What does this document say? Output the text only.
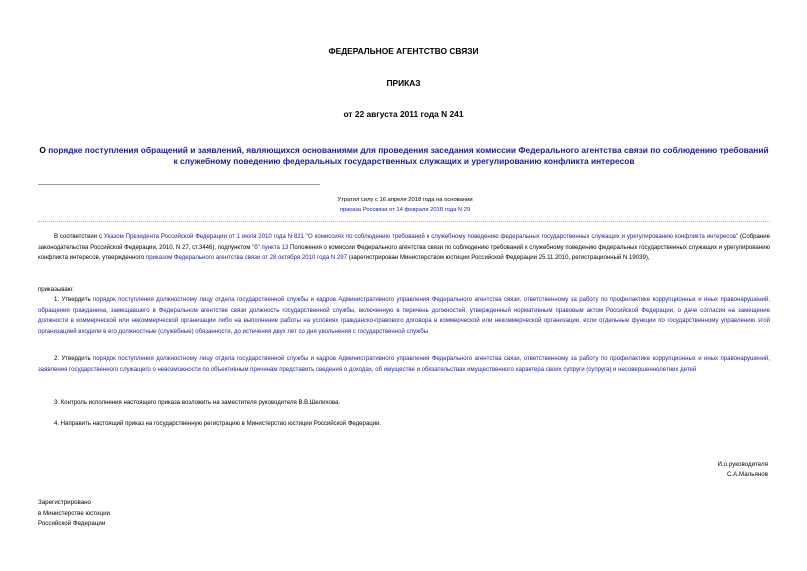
ФЕДЕРАЛЬНОЕ АГЕНТСТВО СВЯЗИ
ПРИКАЗ
от 22 августа 2011 года N 241
О порядке поступления обращений и заявлений, являющихся основаниями для проведения заседания комиссии Федерального агентства связи по соблюдению требований к служебному поведению федеральных государственных служащих и урегулированию конфликта интересов
Утратил силу с 16 апреля 2018 года на основании
приказа Россвязи от 14 февраля 2018 года N 29
В соответствии с Указом Президента Российской Федерации от 1 июля 2010 года N 821 "О комиссиях по соблюдению требований к служебному поведению федеральных государственных служащих и урегулированию конфликта интересов" (Собрание законодательства Российской Федерации, 2010, N 27, ст.3446), подпунктом "б" пункта 13 Положения о комиссии Федерального агентства связи по соблюдению требований к служебному поведению федеральных государственных служащих и урегулированию конфликта интересов, утвержденного приказом Федерального агентства связи от 28 октября 2010 года N 297 (зарегистрирован Министерством юстиции Российской Федерации 25.11.2010, регистрационный N 19039),
приказываю:
1. Утвердить порядок поступления должностному лицу отдела государственной службы и кадров Административного управления Федерального агентства связи, ответственному за работу по профилактике коррупционных и иных правонарушений, обращения гражданина, замещавшего в Федеральном агентстве связи должность государственной службы, включенную в перечень должностей, утвержденный нормативным правовым актом Российской Федерации, о даче согласия на замещение должности в коммерческой или некоммерческой организации либо на выполнение работы на условиях гражданско-правового договора в коммерческой или некоммерческой организации, если отдельные функции по государственному управлению этой организацией входили в его должностные (служебные) обязанности, до истечения двух лет со дня увольнения с государственной службы
2. Утвердить порядок поступления должностному лицу отдела государственной службы и кадров Административного управления Федерального агентства связи, ответственному за работу по профилактике коррупционных и иных правонарушений, заявления государственного служащего о невозможности по объективным причинам представить сведения о доходах, об имуществе и обязательствах имущественного характера своих супруги (супруга) и несовершеннолетних детей
3. Контроль исполнения настоящего приказа возложить на заместителя руководителя В.В.Шелихова.
4. Направить настоящий приказ на государственную регистрацию в Министерство юстиции Российской Федерации.
И.о.руководителя
С.А.Мальянов
Зарегистрировано
в Министерстве юстиции
Российской Федерации
